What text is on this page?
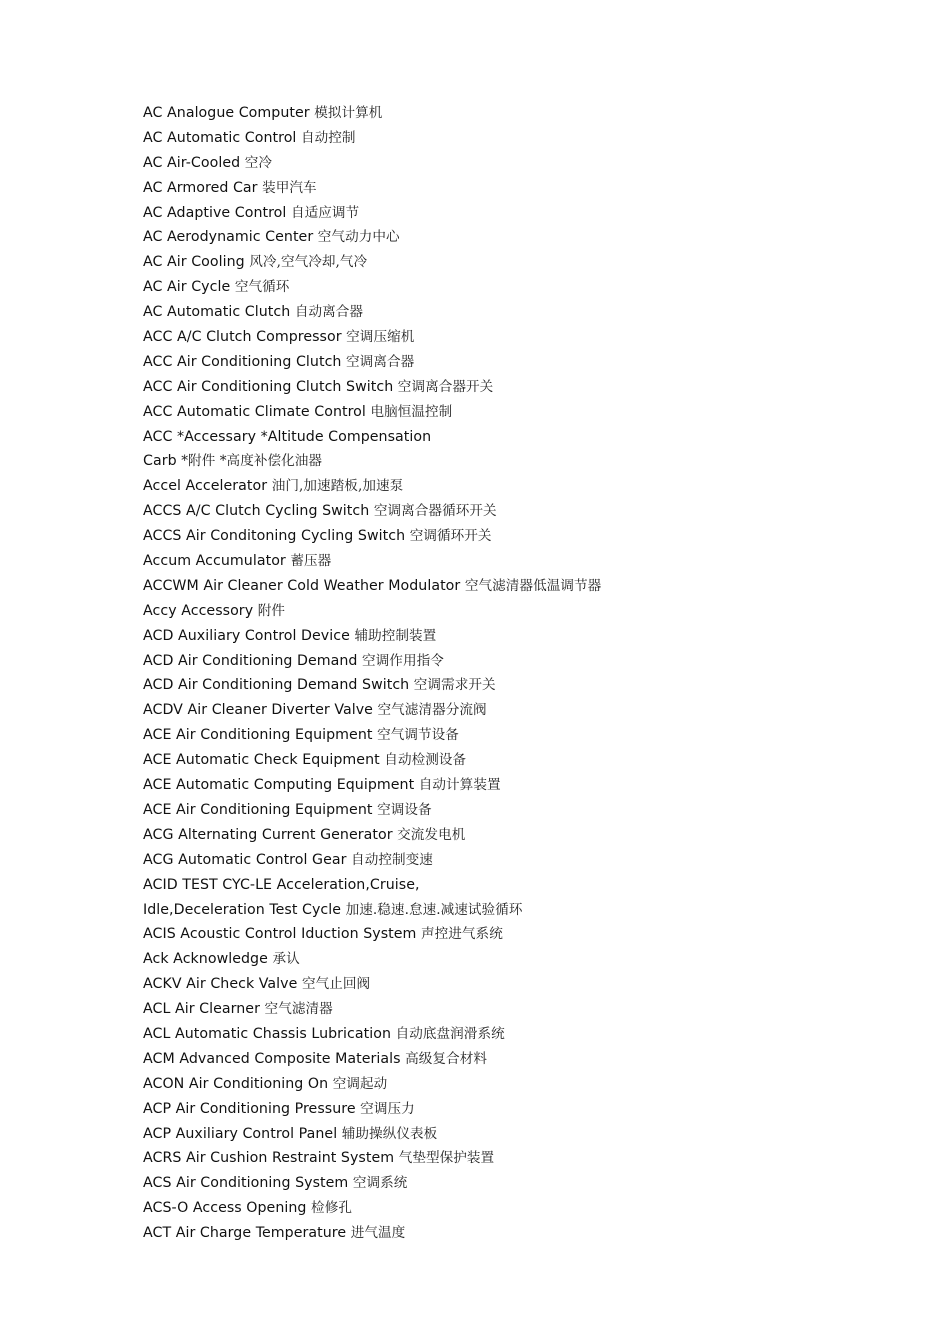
AC Analogue Computer 模拟计算机
AC Automatic Control 自动控制
AC Air-Cooled 空冷
AC Armored Car 装甲汽车
AC Adaptive Control 自适应调节
AC Aerodynamic Center 空气动力中心
AC Air Cooling 风冷,空气冷却,气冷
AC Air Cycle 空气循环
AC Automatic Clutch 自动离合器
ACC A/C Clutch Compressor 空调压缩机
ACC Air Conditioning Clutch 空调离合器
ACC Air Conditioning Clutch Switch 空调离合器开关
ACC Automatic Climate Control 电脑恒温控制
ACC *Accessary *Altitude Compensation
Carb *附件 *高度补偿化油器
Accel Accelerator 油门,加速踏板,加速泵
ACCS A/C Clutch Cycling Switch 空调离合器循环开关
ACCS Air Conditoning Cycling Switch 空调循环开关
Accum Accumulator 蓄压器
ACCWM Air Cleaner Cold Weather Modulator 空气滤清器低温调节器
Accy Accessory 附件
ACD Auxiliary Control Device 辅助控制装置
ACD Air Conditioning Demand 空调作用指令
ACD Air Conditioning Demand Switch 空调需求开关
ACDV Air Cleaner Diverter Valve 空气滤清器分流阀
ACE Air Conditioning Equipment 空气调节设备
ACE Automatic Check Equipment 自动检测设备
ACE Automatic Computing Equipment 自动计算装置
ACE Air Conditioning Equipment 空调设备
ACG Alternating Current Generator 交流发电机
ACG Automatic Control Gear 自动控制变速
ACID TEST CYC-LE Acceleration,Cruise,
Idle,Deceleration Test Cycle 加速.稳速.怠速.减速试验循环
ACIS Acoustic Control Iduction System 声控进气系统
Ack Acknowledge 承认
ACKV Air Check Valve 空气止回阀
ACL Air Clearner 空气滤清器
ACL Automatic Chassis Lubrication 自动底盘润滑系统
ACM Advanced Composite Materials 高级复合材料
ACON Air Conditioning On 空调起动
ACP Air Conditioning Pressure 空调压力
ACP Auxiliary Control Panel 辅助操纵仪表板
ACRS Air Cushion Restraint System 气垫型保护装置
ACS Air Conditioning System 空调系统
ACS-O Access Opening 检修孔
ACT Air Charge Temperature 进气温度
